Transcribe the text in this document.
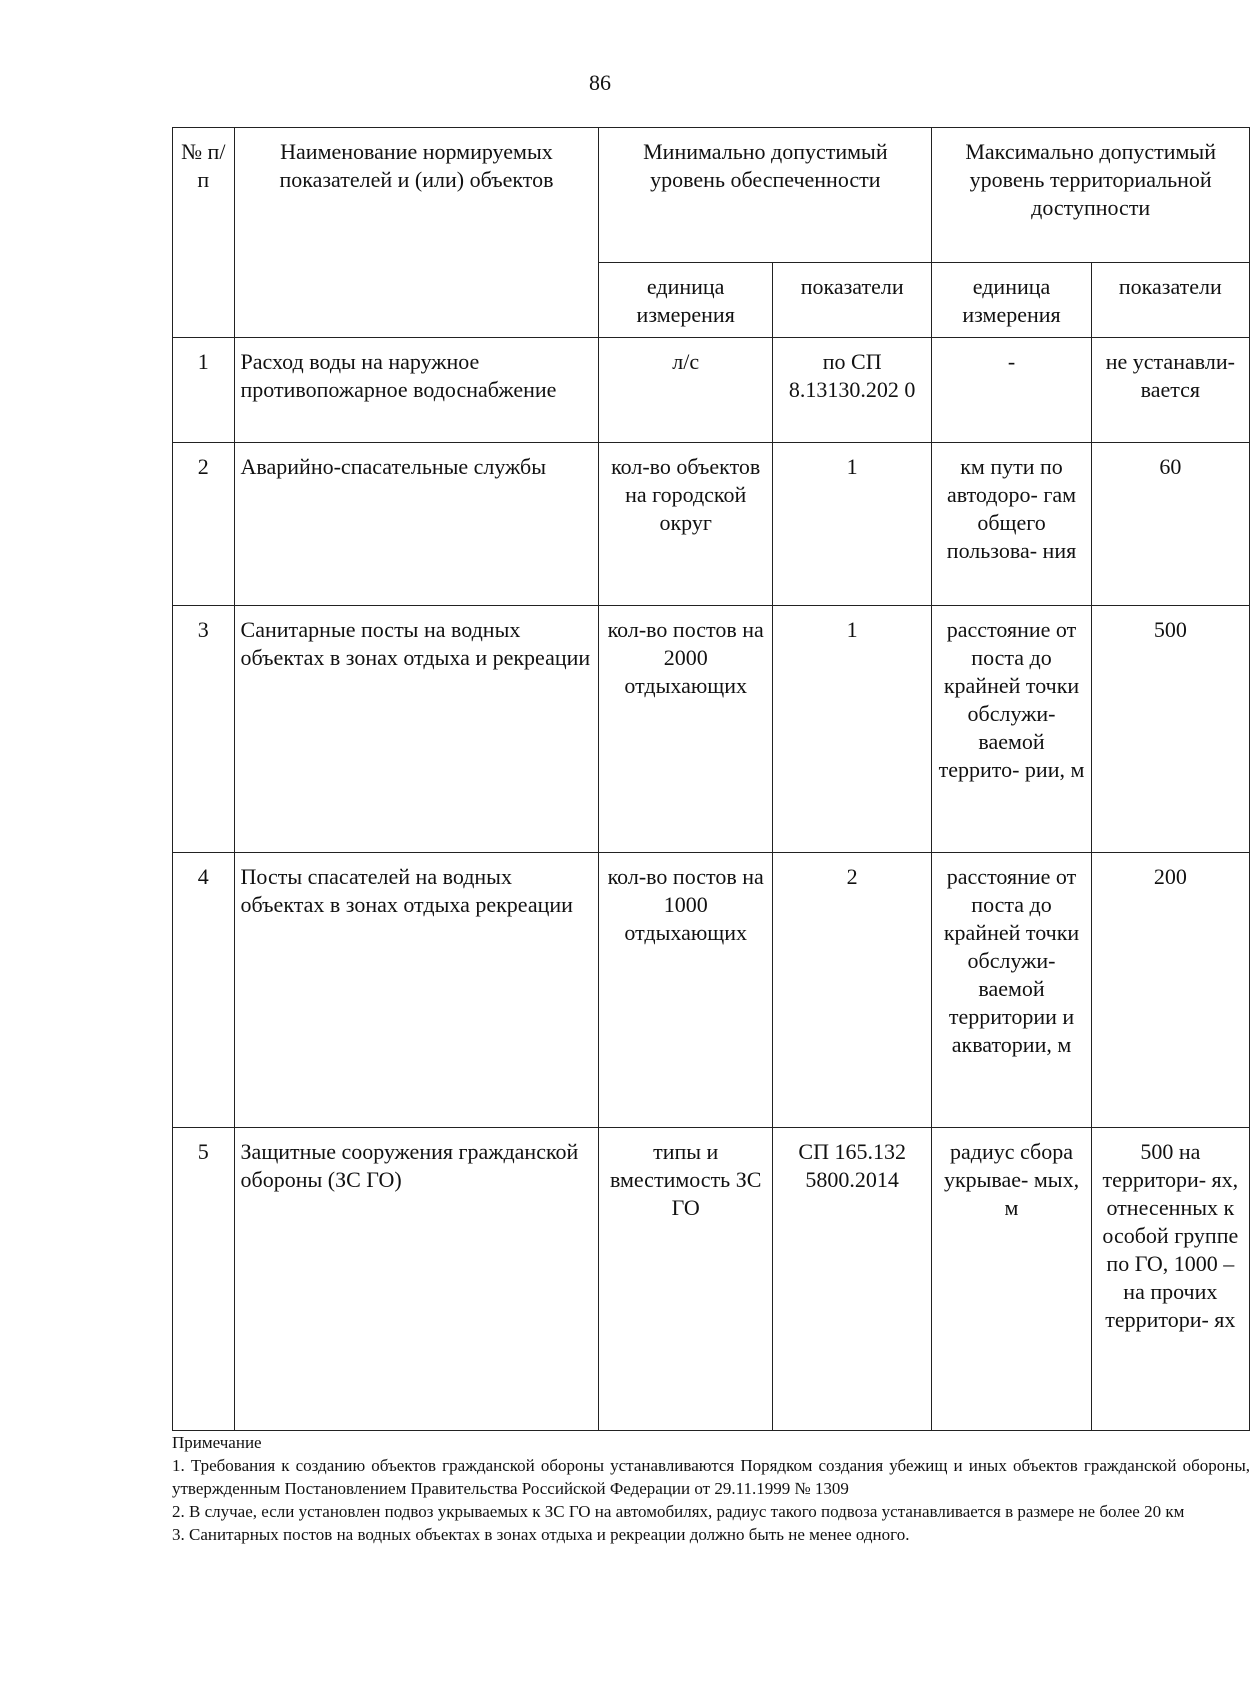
86
№ п/п	Наименование нормируемых показателей и (или) объектов	Минимально допустимый уровень обеспеченности		Максимально допустимый уровень территориальной доступности	
		единица измерения	показатели	единица измерения	показатели
1	Расход воды на наружное противопожарное водоснабжение	л/с	по СП 8.13130.202 0	-	не устанавли- вается
2	Аварийно-спасательные службы	кол-во объектов на городской округ	1	км пути по автодоро- гам общего пользова- ния	60
3	Санитарные посты на водных объектах в зонах отдыха и рекреации	кол-во постов на 2000 отдыхающих	1	расстояние от поста до крайней точки обслужи- ваемой террито- рии, м	500
4	Посты спасателей на водных объектах в зонах отдыха рекреации	кол-во постов на 1000 отдыхающих	2	расстояние от поста до крайней точки обслужи- ваемой территории и акватории, м	200
5	Защитные сооружения гражданской обороны (ЗС ГО)	типы и вместимость ЗС ГО	СП 165.132 5800.2014	радиус сбора укрывае- мых, м	500 на территори- ях, отнесенных к особой группе по ГО, 1000 – на прочих территори- ях

Примечание

1. Требования к созданию объектов гражданской обороны устанавливаются Порядком создания убежищ и иных объектов гражданской обороны, утвержденным Постановлением Правительства Российской Федерации от 29.11.1999 № 1309

2. В случае, если установлен подвоз укрываемых к ЗС ГО на автомобилях, радиус такого подвоза устанавливается в размере не более 20 км

3. Санитарных постов на водных объектах в зонах отдыха и рекреации должно быть не менее одного.
